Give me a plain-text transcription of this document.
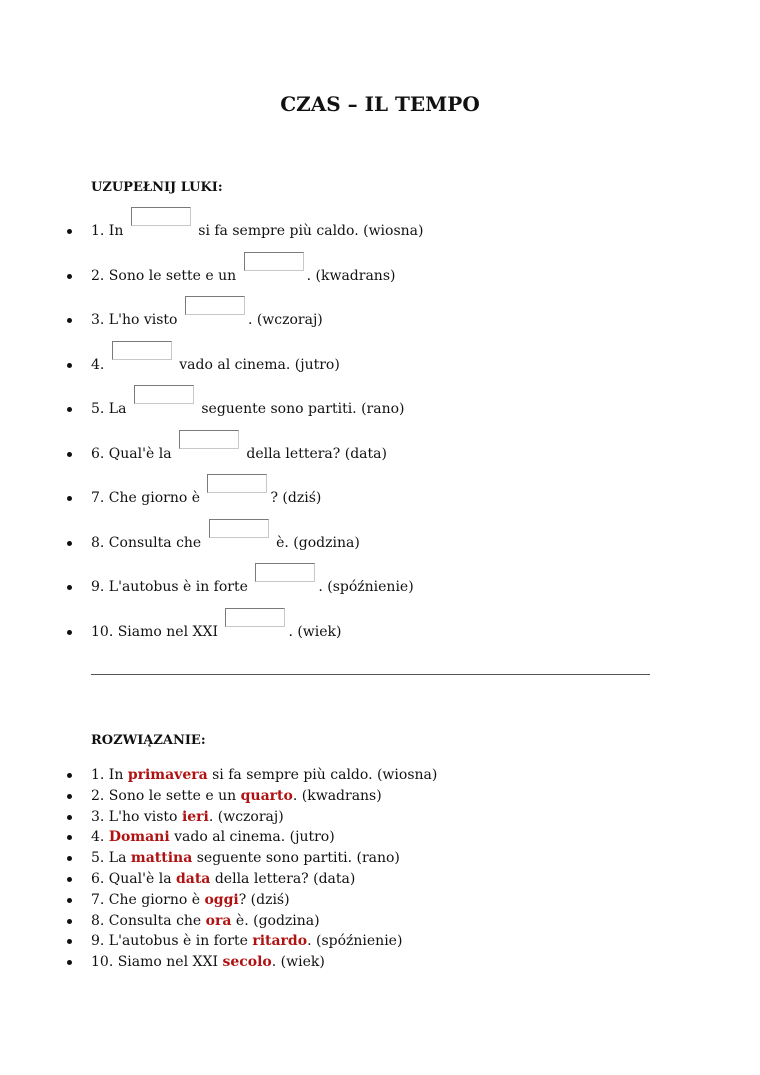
CZAS – IL TEMPO
UZUPEŁNIJ LUKI:
1. In	si fa sempre più caldo. (wiosna)
2. Sono le sette e un	. (kwadrans)
3. L'ho visto	. (wczoraj)
4.	vado al cinema. (jutro)
5. La	seguente sono partiti. (rano)
6. Qual'è la	della lettera? (data)
7. Che giorno è	? (dziś)
8. Consulta che	è. (godzina)
9. L'autobus è in forte	. (spóźnienie)
10. Siamo nel XXI	. (wiek)
ROZWIĄZANIE:
1. In primavera si fa sempre più caldo. (wiosna)
2. Sono le sette e un quarto. (kwadrans)
3. L'ho visto ieri. (wczoraj)
4. Domani vado al cinema. (jutro)
5. La mattina seguente sono partiti. (rano)
6. Qual'è la data della lettera? (data)
7. Che giorno è oggi? (dziś)
8. Consulta che ora è. (godzina)
9. L'autobus è in forte ritardo. (spóźnienie)
10. Siamo nel XXI secolo. (wiek)
